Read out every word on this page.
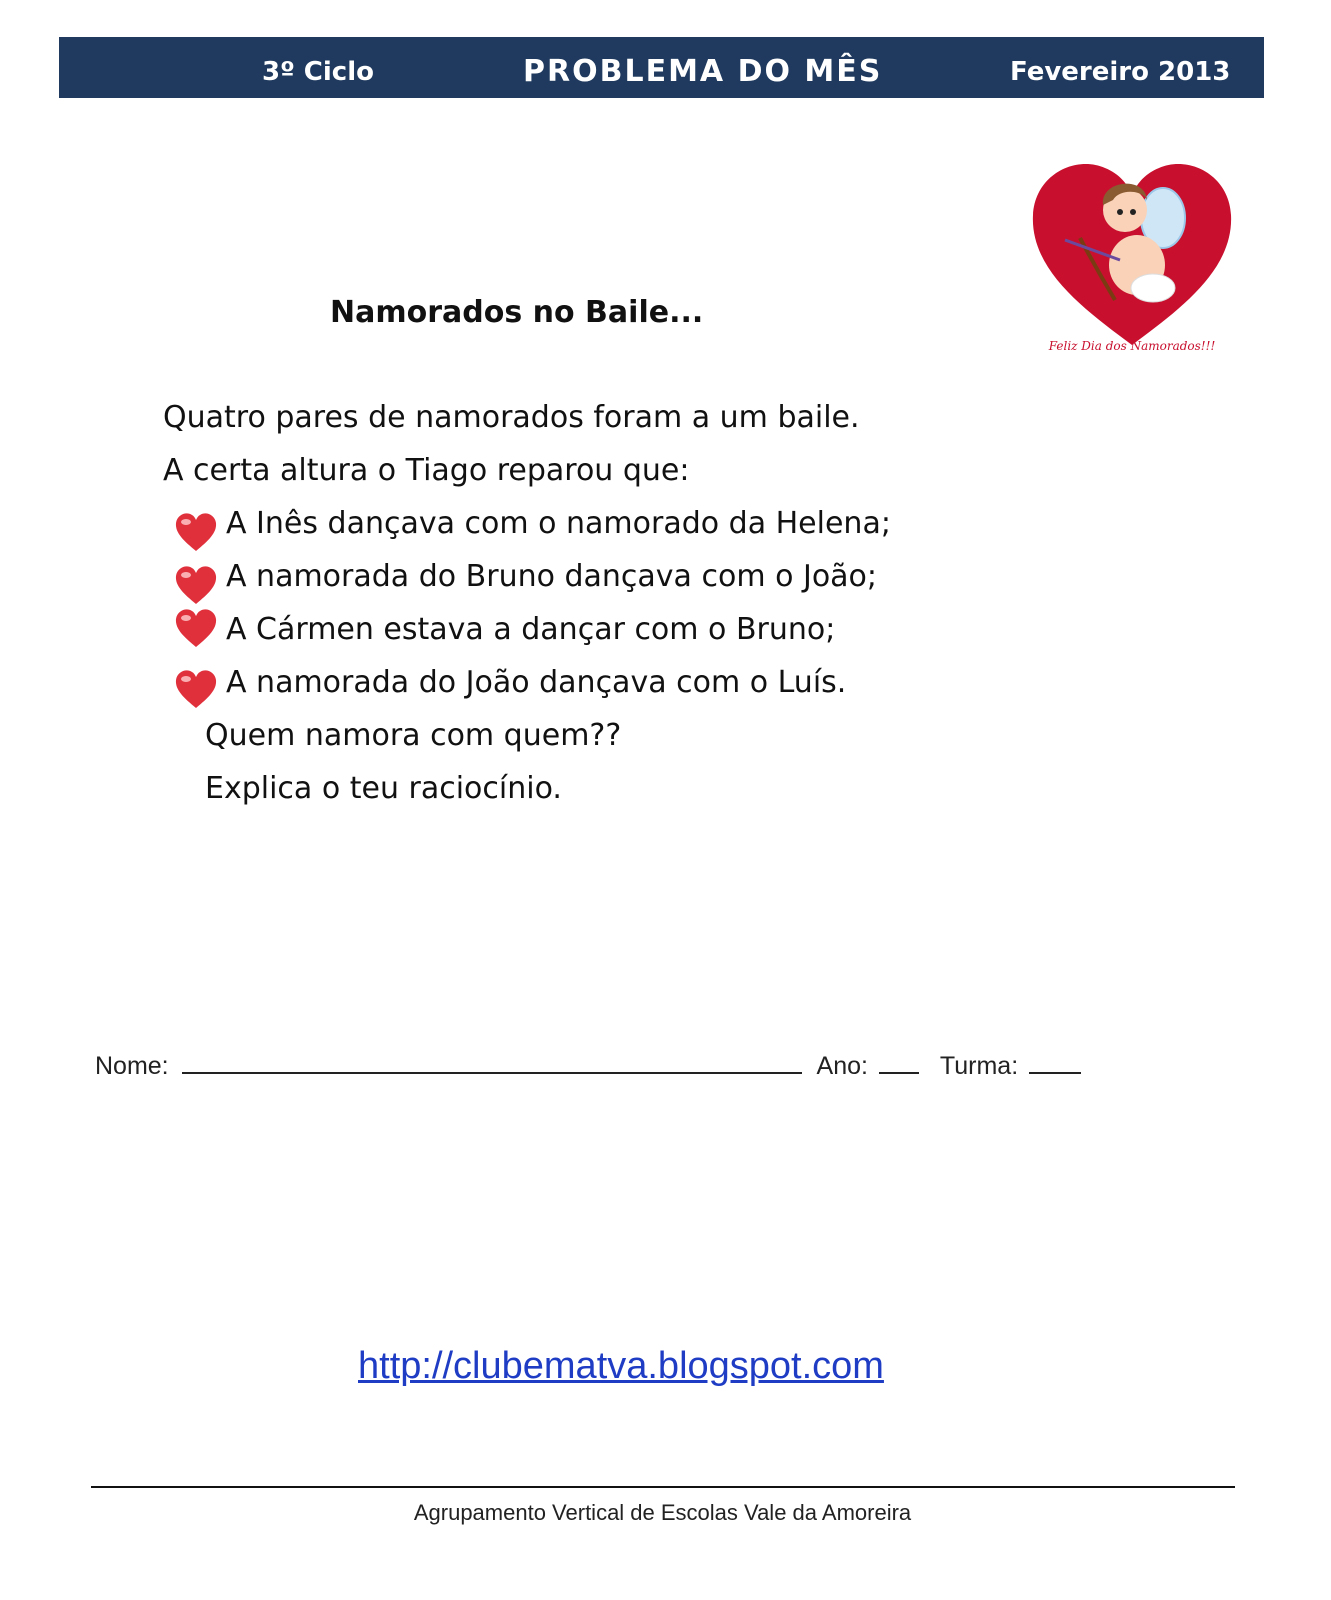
3º Ciclo	PROBLEMA DO MÊS	Fevereiro 2013
Feliz Dia dos Namorados!!!
Namorados no Baile...
Quatro pares de namorados foram a um baile.
A certa altura o Tiago reparou que:
A Inês dançava com o namorado da Helena;
A namorada do Bruno dançava com o João;
A Cármen estava a dançar com o Bruno;
A namorada do João dançava com o Luís.
Quem namora com quem??
Explica o teu raciocínio.
Nome:	Ano:	Turma:
http://clubematva.blogspot.com
Agrupamento Vertical de Escolas Vale da Amoreira
